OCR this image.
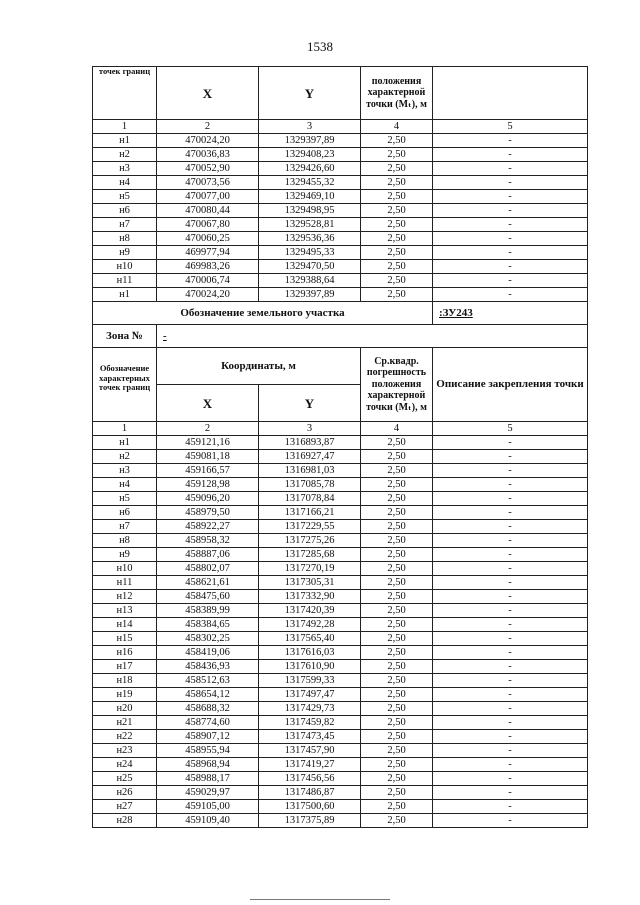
1538
точек границ	X	Y	положения характерной точки (Мₜ), м	
1	2	3	4	5
н1	470024,20	1329397,89	2,50	-
н2	470036,83	1329408,23	2,50	-
н3	470052,90	1329426,60	2,50	-
н4	470073,56	1329455,32	2,50	-
н5	470077,00	1329469,10	2,50	-
н6	470080,44	1329498,95	2,50	-
н7	470067,80	1329528,81	2,50	-
н8	470060,25	1329536,36	2,50	-
н9	469977,94	1329495,33	2,50	-
н10	469983,26	1329470,50	2,50	-
н11	470006,74	1329388,64	2,50	-
н1	470024,20	1329397,89	2,50	-
Обозначение земельного участка				:ЗУ243
Зона №	-			
Обозначение характерных точек границ	Координаты, м		Ср.квадр. погрешность положения характерной точки (Мₜ), м	Описание закрепления точки
	X	Y		
1	2	3	4	5
н1	459121,16	1316893,87	2,50	-
н2	459081,18	1316927,47	2,50	-
н3	459166,57	1316981,03	2,50	-
н4	459128,98	1317085,78	2,50	-
н5	459096,20	1317078,84	2,50	-
н6	458979,50	1317166,21	2,50	-
н7	458922,27	1317229,55	2,50	-
н8	458958,32	1317275,26	2,50	-
н9	458887,06	1317285,68	2,50	-
н10	458802,07	1317270,19	2,50	-
н11	458621,61	1317305,31	2,50	-
н12	458475,60	1317332,90	2,50	-
н13	458389,99	1317420,39	2,50	-
н14	458384,65	1317492,28	2,50	-
н15	458302,25	1317565,40	2,50	-
н16	458419,06	1317616,03	2,50	-
н17	458436,93	1317610,90	2,50	-
н18	458512,63	1317599,33	2,50	-
н19	458654,12	1317497,47	2,50	-
н20	458688,32	1317429,73	2,50	-
н21	458774,60	1317459,82	2,50	-
н22	458907,12	1317473,45	2,50	-
н23	458955,94	1317457,90	2,50	-
н24	458968,94	1317419,27	2,50	-
н25	458988,17	1317456,56	2,50	-
н26	459029,97	1317486,87	2,50	-
н27	459105,00	1317500,60	2,50	-
н28	459109,40	1317375,89	2,50	-
